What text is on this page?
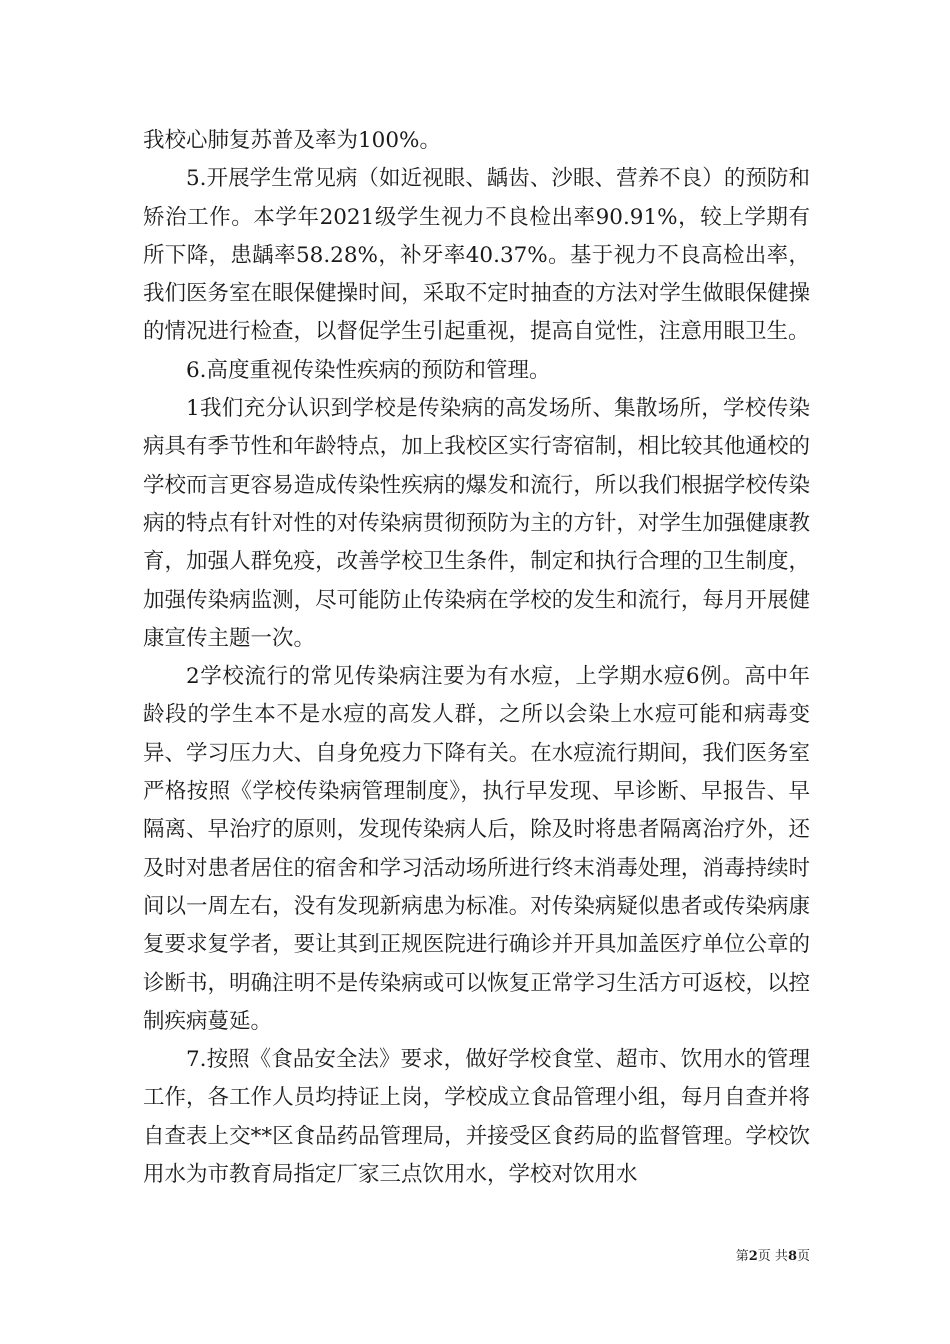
我校心肺复苏普及率为100%。

5.开展学生常见病（如近视眼、龋齿、沙眼、营养不良）的预防和矫治工作。本学年2021级学生视力不良检出率90.91%，较上学期有所下降，患龋率58.28%，补牙率40.37%。基于视力不良高检出率，我们医务室在眼保健操时间，采取不定时抽查的方法对学生做眼保健操的情况进行检查，以督促学生引起重视，提高自觉性，注意用眼卫生。

6.高度重视传染性疾病的预防和管理。

1我们充分认识到学校是传染病的高发场所、集散场所，学校传染病具有季节性和年龄特点，加上我校区实行寄宿制，相比较其他通校的学校而言更容易造成传染性疾病的爆发和流行，所以我们根据学校传染病的特点有针对性的对传染病贯彻预防为主的方针，对学生加强健康教育，加强人群免疫，改善学校卫生条件，制定和执行合理的卫生制度，加强传染病监测，尽可能防止传染病在学校的发生和流行，每月开展健康宣传主题一次。

2学校流行的常见传染病注要为有水痘，上学期水痘6例。高中年龄段的学生本不是水痘的高发人群，之所以会染上水痘可能和病毒变异、学习压力大、自身免疫力下降有关。在水痘流行期间，我们医务室严格按照《学校传染病管理制度》，执行早发现、早诊断、早报告、早隔离、早治疗的原则，发现传染病人后，除及时将患者隔离治疗外，还及时对患者居住的宿舍和学习活动场所进行终末消毒处理，消毒持续时间以一周左右，没有发现新病患为标准。对传染病疑似患者或传染病康复要求复学者，要让其到正规医院进行确诊并开具加盖医疗单位公章的诊断书，明确注明不是传染病或可以恢复正常学习生活方可返校，以控制疾病蔓延。

7.按照《食品安全法》要求，做好学校食堂、超市、饮用水的管理工作，各工作人员均持证上岗，学校成立食品管理小组，每月自查并将自查表上交**区食品药品管理局，并接受区食药局的监督管理。学校饮用水为市教育局指定厂家三点饮用水，学校对饮用水

第2页 共8页
